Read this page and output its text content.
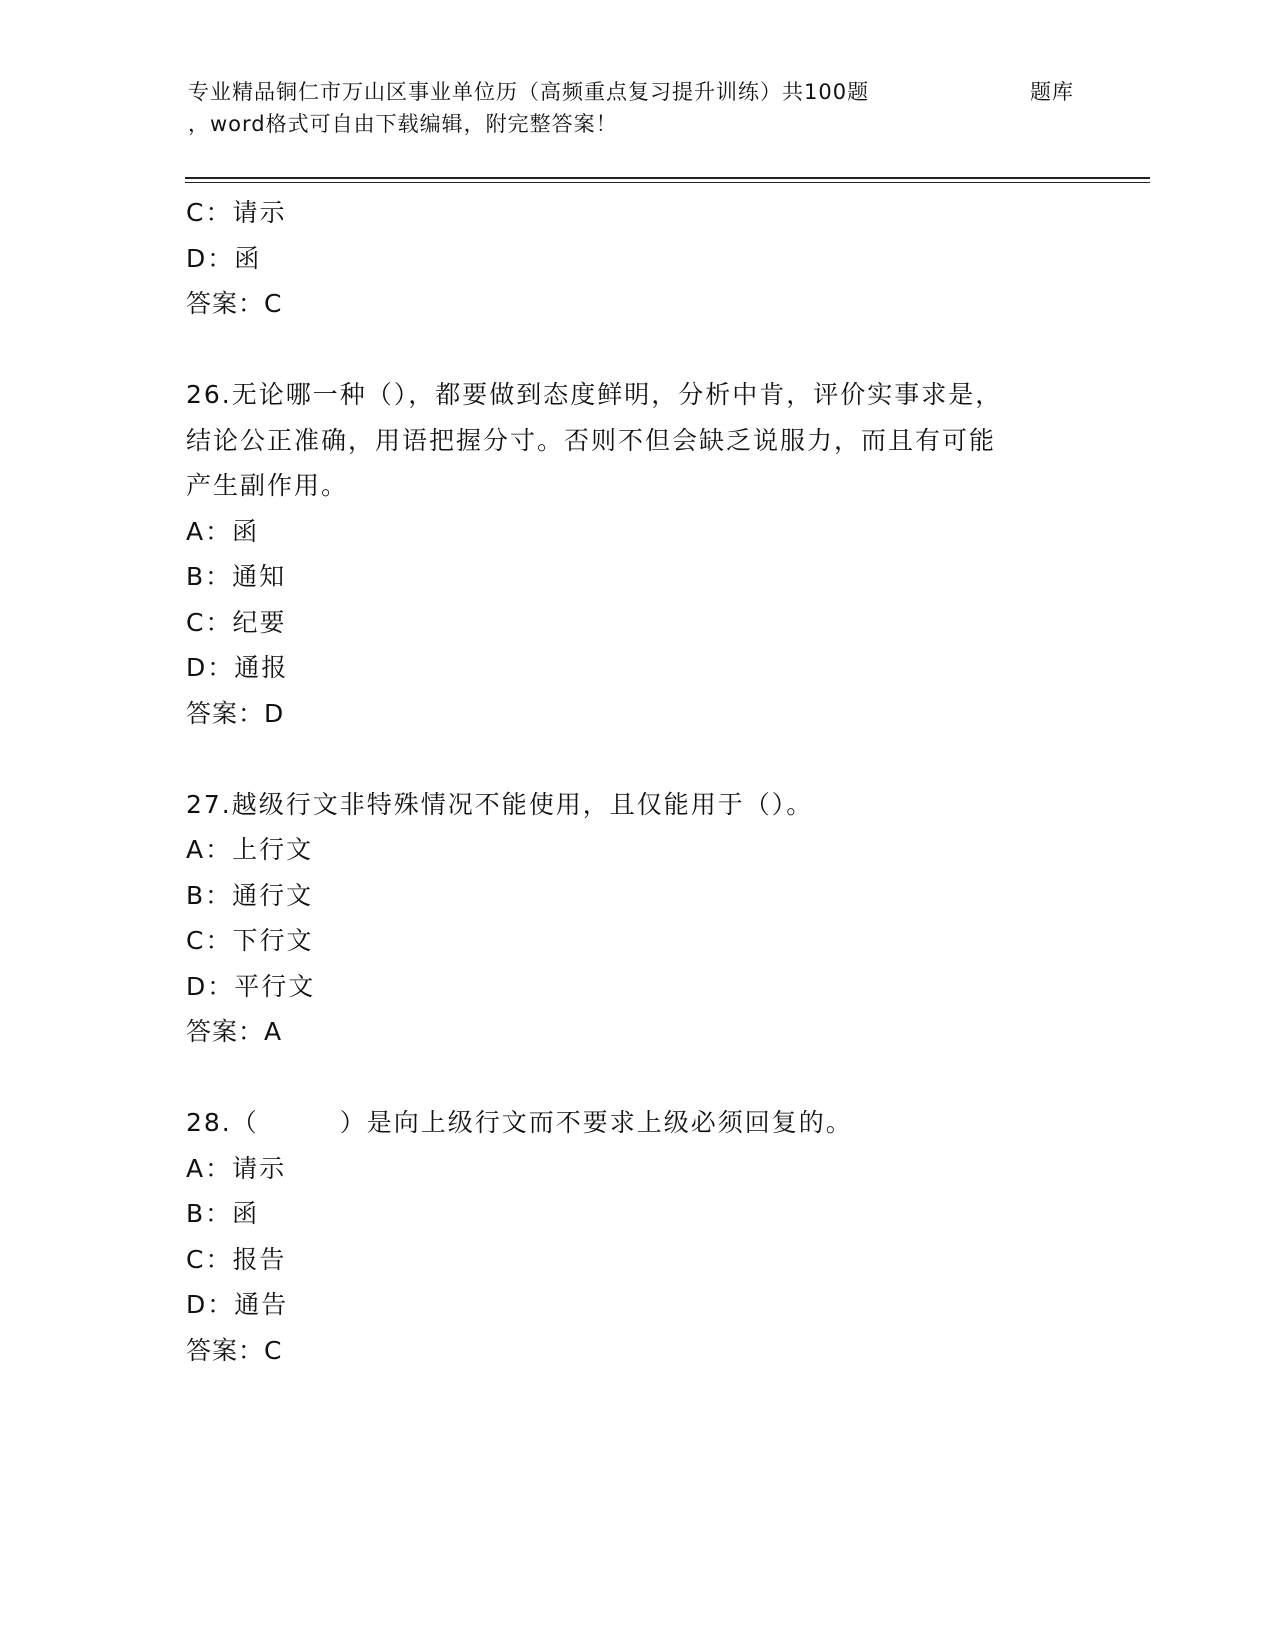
专业精品铜仁市万山区事业单位历（高频重点复习提升训练）共100题	题库
，word格式可自由下载编辑，附完整答案！
C：请示
D：函
答案：C
26.无论哪一种（），都要做到态度鲜明，分析中肯，评价实事求是，
结论公正准确，用语把握分寸。否则不但会缺乏说服力，而且有可能
产生副作用。
A：函
B：通知
C：纪要
D：通报
答案：D
27.越级行文非特殊情况不能使用，且仅能用于（）。
A：上行文
B：通行文
C：下行文
D：平行文
答案：A
28.（　　　）是向上级行文而不要求上级必须回复的。
A：请示
B：函
C：报告
D：通告
答案：C
